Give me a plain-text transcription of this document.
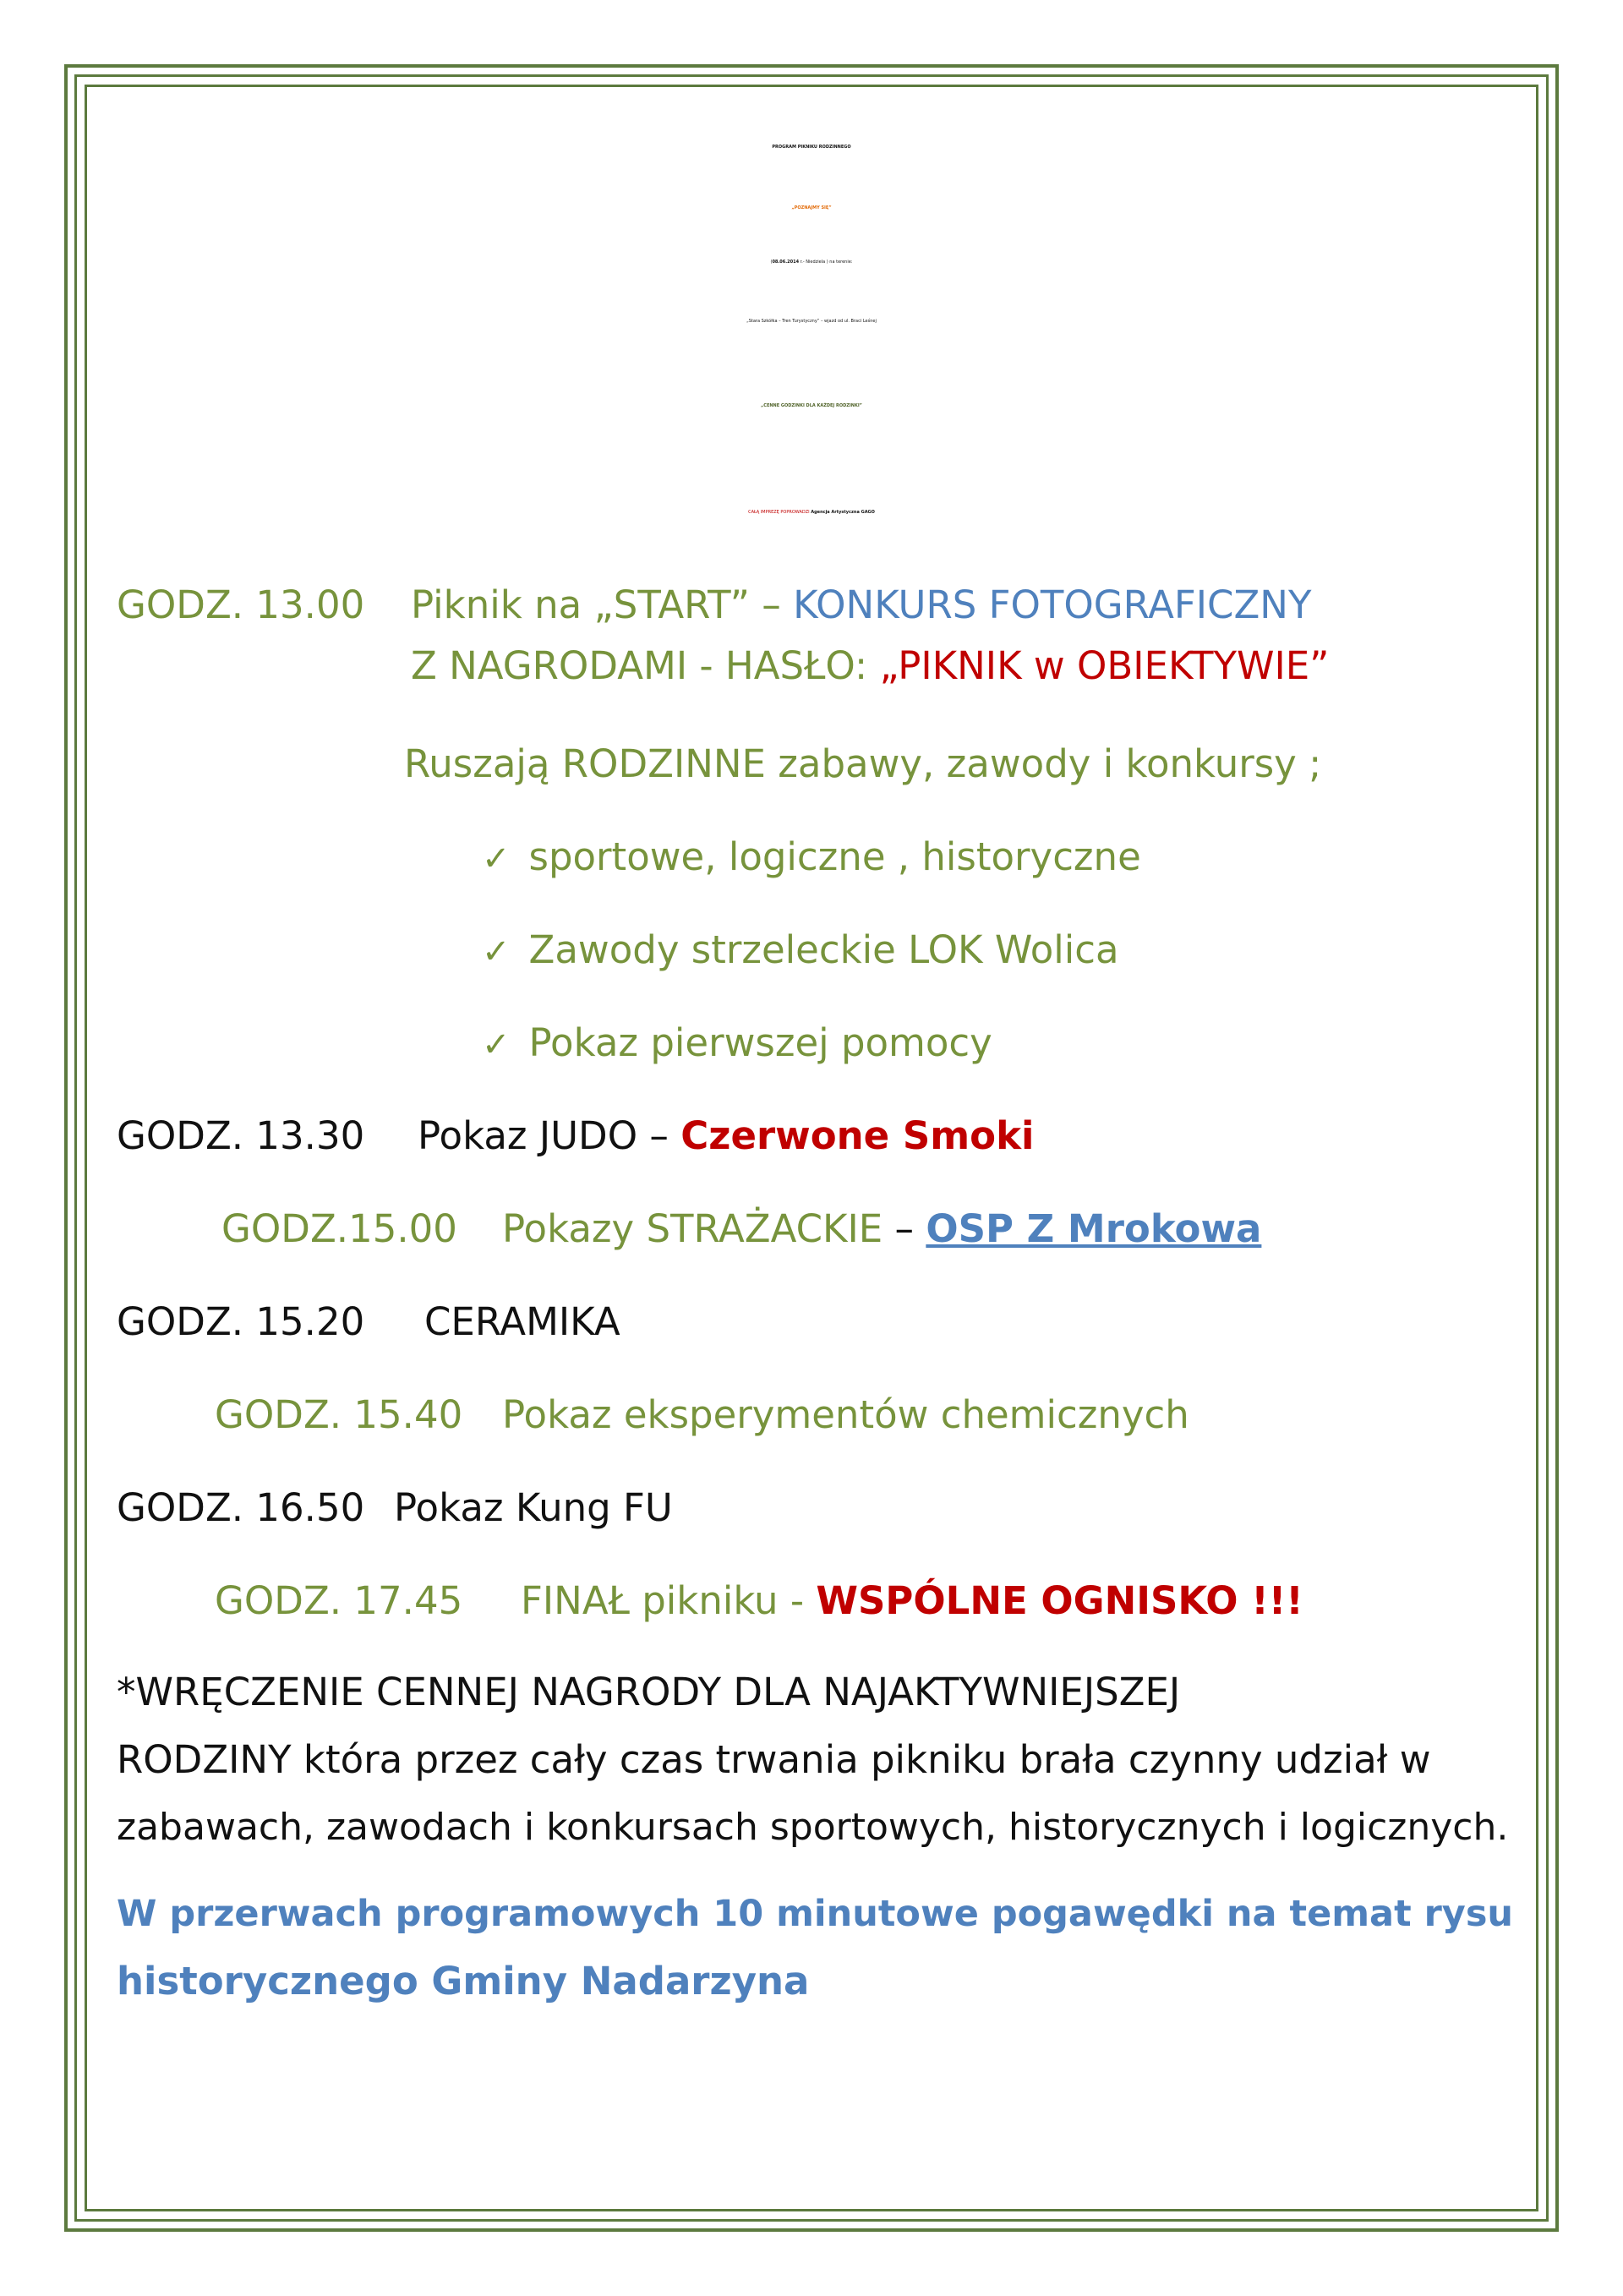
PROGRAM PIKNIKU RODZINNEGO
„POZNAJMY SIĘ”
(08.06.2014 r.- Niedziela ) na terenie:
„Stara Szkółka – Tren Turystyczny” – wjazd od ul. Braci Leśnej
„CENNE GODZINKI DLA KAŻDEJ RODZINKI”
CAŁĄ IMPREZĘ POPROWADZI Agencja Artystyczna GAGO
GODZ. 13.00 Piknik na „START” – KONKURS FOTOGRAFICZNY
Z NAGRODAMI - HASŁO: „PIKNIK w OBIEKTYWIE”
Ruszają RODZINNE zabawy, zawody i konkursy ;
✓ sportowe, logiczne , historyczne
✓ Zawody strzeleckie LOK Wolica
✓ Pokaz pierwszej pomocy
GODZ. 13.30 Pokaz JUDO – Czerwone Smoki
GODZ.15.00 Pokazy STRAŻACKIE – OSP Z Mrokowa
GODZ. 15.20 CERAMIKA
GODZ. 15.40 Pokaz eksperymentów chemicznych
GODZ. 16.50 Pokaz Kung FU
GODZ. 17.45 FINAŁ pikniku - WSPÓLNE OGNISKO !!!
*WRĘCZENIE CENNEJ NAGRODY DLA NAJAKTYWNIEJSZEJ
RODZINY która przez cały czas trwania pikniku brała czynny udział w
zabawach, zawodach i konkursach sportowych, historycznych i logicznych.
W przerwach programowych 10 minutowe pogawędki na temat rysu
historycznego Gminy Nadarzyna
